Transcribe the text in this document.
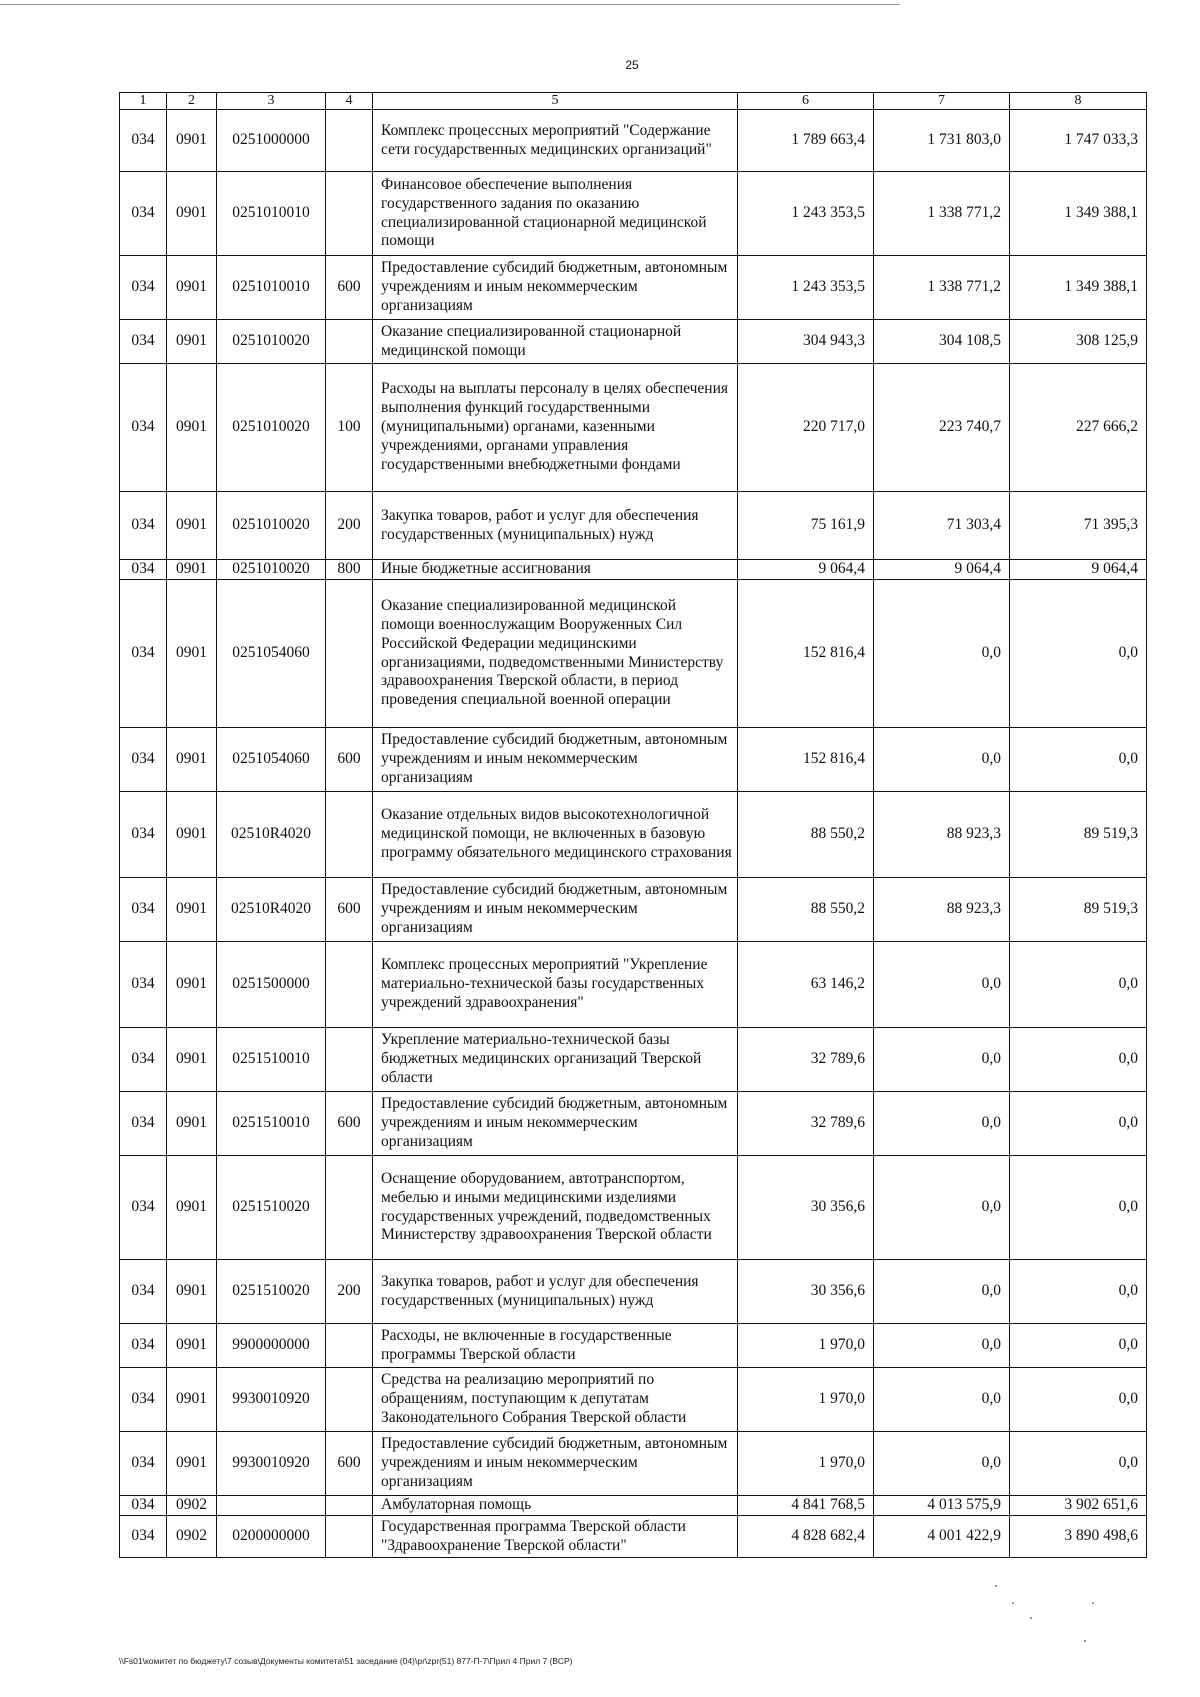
25
1	2	3	4	5	6	7	8
034	0901	0251000000		Комплекс процессных мероприятий "Содержание сети государственных медицинских организаций"	1 789 663,4	1 731 803,0	1 747 033,3
034	0901	0251010010		Финансовое обеспечение выполнения государственного задания по оказанию специализированной стационарной медицинской помощи	1 243 353,5	1 338 771,2	1 349 388,1
034	0901	0251010010	600	Предоставление субсидий бюджетным, автономным учреждениям и иным некоммерческим организациям	1 243 353,5	1 338 771,2	1 349 388,1
034	0901	0251010020		Оказание специализированной стационарной медицинской помощи	304 943,3	304 108,5	308 125,9
034	0901	0251010020	100	Расходы на выплаты персоналу в целях обеспечения выполнения функций государственными (муниципальными) органами, казенными учреждениями, органами управления государственными внебюджетными фондами	220 717,0	223 740,7	227 666,2
034	0901	0251010020	200	Закупка товаров, работ и услуг для обеспечения государственных (муниципальных) нужд	75 161,9	71 303,4	71 395,3
034	0901	0251010020	800	Иные бюджетные ассигнования	9 064,4	9 064,4	9 064,4
034	0901	0251054060		Оказание специализированной медицинской помощи военнослужащим Вооруженных Сил Российской Федерации медицинскими организациями, подведомственными Министерству здравоохранения Тверской области, в период проведения специальной военной операции	152 816,4	0,0	0,0
034	0901	0251054060	600	Предоставление субсидий бюджетным, автономным учреждениям и иным некоммерческим организациям	152 816,4	0,0	0,0
034	0901	02510R4020		Оказание отдельных видов высокотехнологичной медицинской помощи, не включенных в базовую программу обязательного медицинского страхования	88 550,2	88 923,3	89 519,3
034	0901	02510R4020	600	Предоставление субсидий бюджетным, автономным учреждениям и иным некоммерческим организациям	88 550,2	88 923,3	89 519,3
034	0901	0251500000		Комплекс процессных мероприятий "Укрепление материально-технической базы государственных учреждений здравоохранения"	63 146,2	0,0	0,0
034	0901	0251510010		Укрепление материально-технической базы бюджетных медицинских организаций Тверской области	32 789,6	0,0	0,0
034	0901	0251510010	600	Предоставление субсидий бюджетным, автономным учреждениям и иным некоммерческим организациям	32 789,6	0,0	0,0
034	0901	0251510020		Оснащение оборудованием, автотранспортом, мебелью и иными медицинскими изделиями государственных учреждений, подведомственных Министерству здравоохранения Тверской области	30 356,6	0,0	0,0
034	0901	0251510020	200	Закупка товаров, работ и услуг для обеспечения государственных (муниципальных) нужд	30 356,6	0,0	0,0
034	0901	9900000000		Расходы, не включенные в государственные программы Тверской области	1 970,0	0,0	0,0
034	0901	9930010920		Средства на реализацию мероприятий по обращениям, поступающим к депутатам Законодательного Собрания Тверской области	1 970,0	0,0	0,0
034	0901	9930010920	600	Предоставление субсидий бюджетным, автономным учреждениям и иным некоммерческим организациям	1 970,0	0,0	0,0
034	0902			Амбулаторная помощь	4 841 768,5	4 013 575,9	3 902 651,6
034	0902	0200000000		Государственная программа Тверской области "Здравоохранение Тверской области"	4 828 682,4	4 001 422,9	3 890 498,6
\\Fs01\комитет по бюджету\7 созыв\Документы комитета\51 заседание (04)\pr\zpr(51) 877-П-7\Прил 4 Прил 7 (ВСР)
